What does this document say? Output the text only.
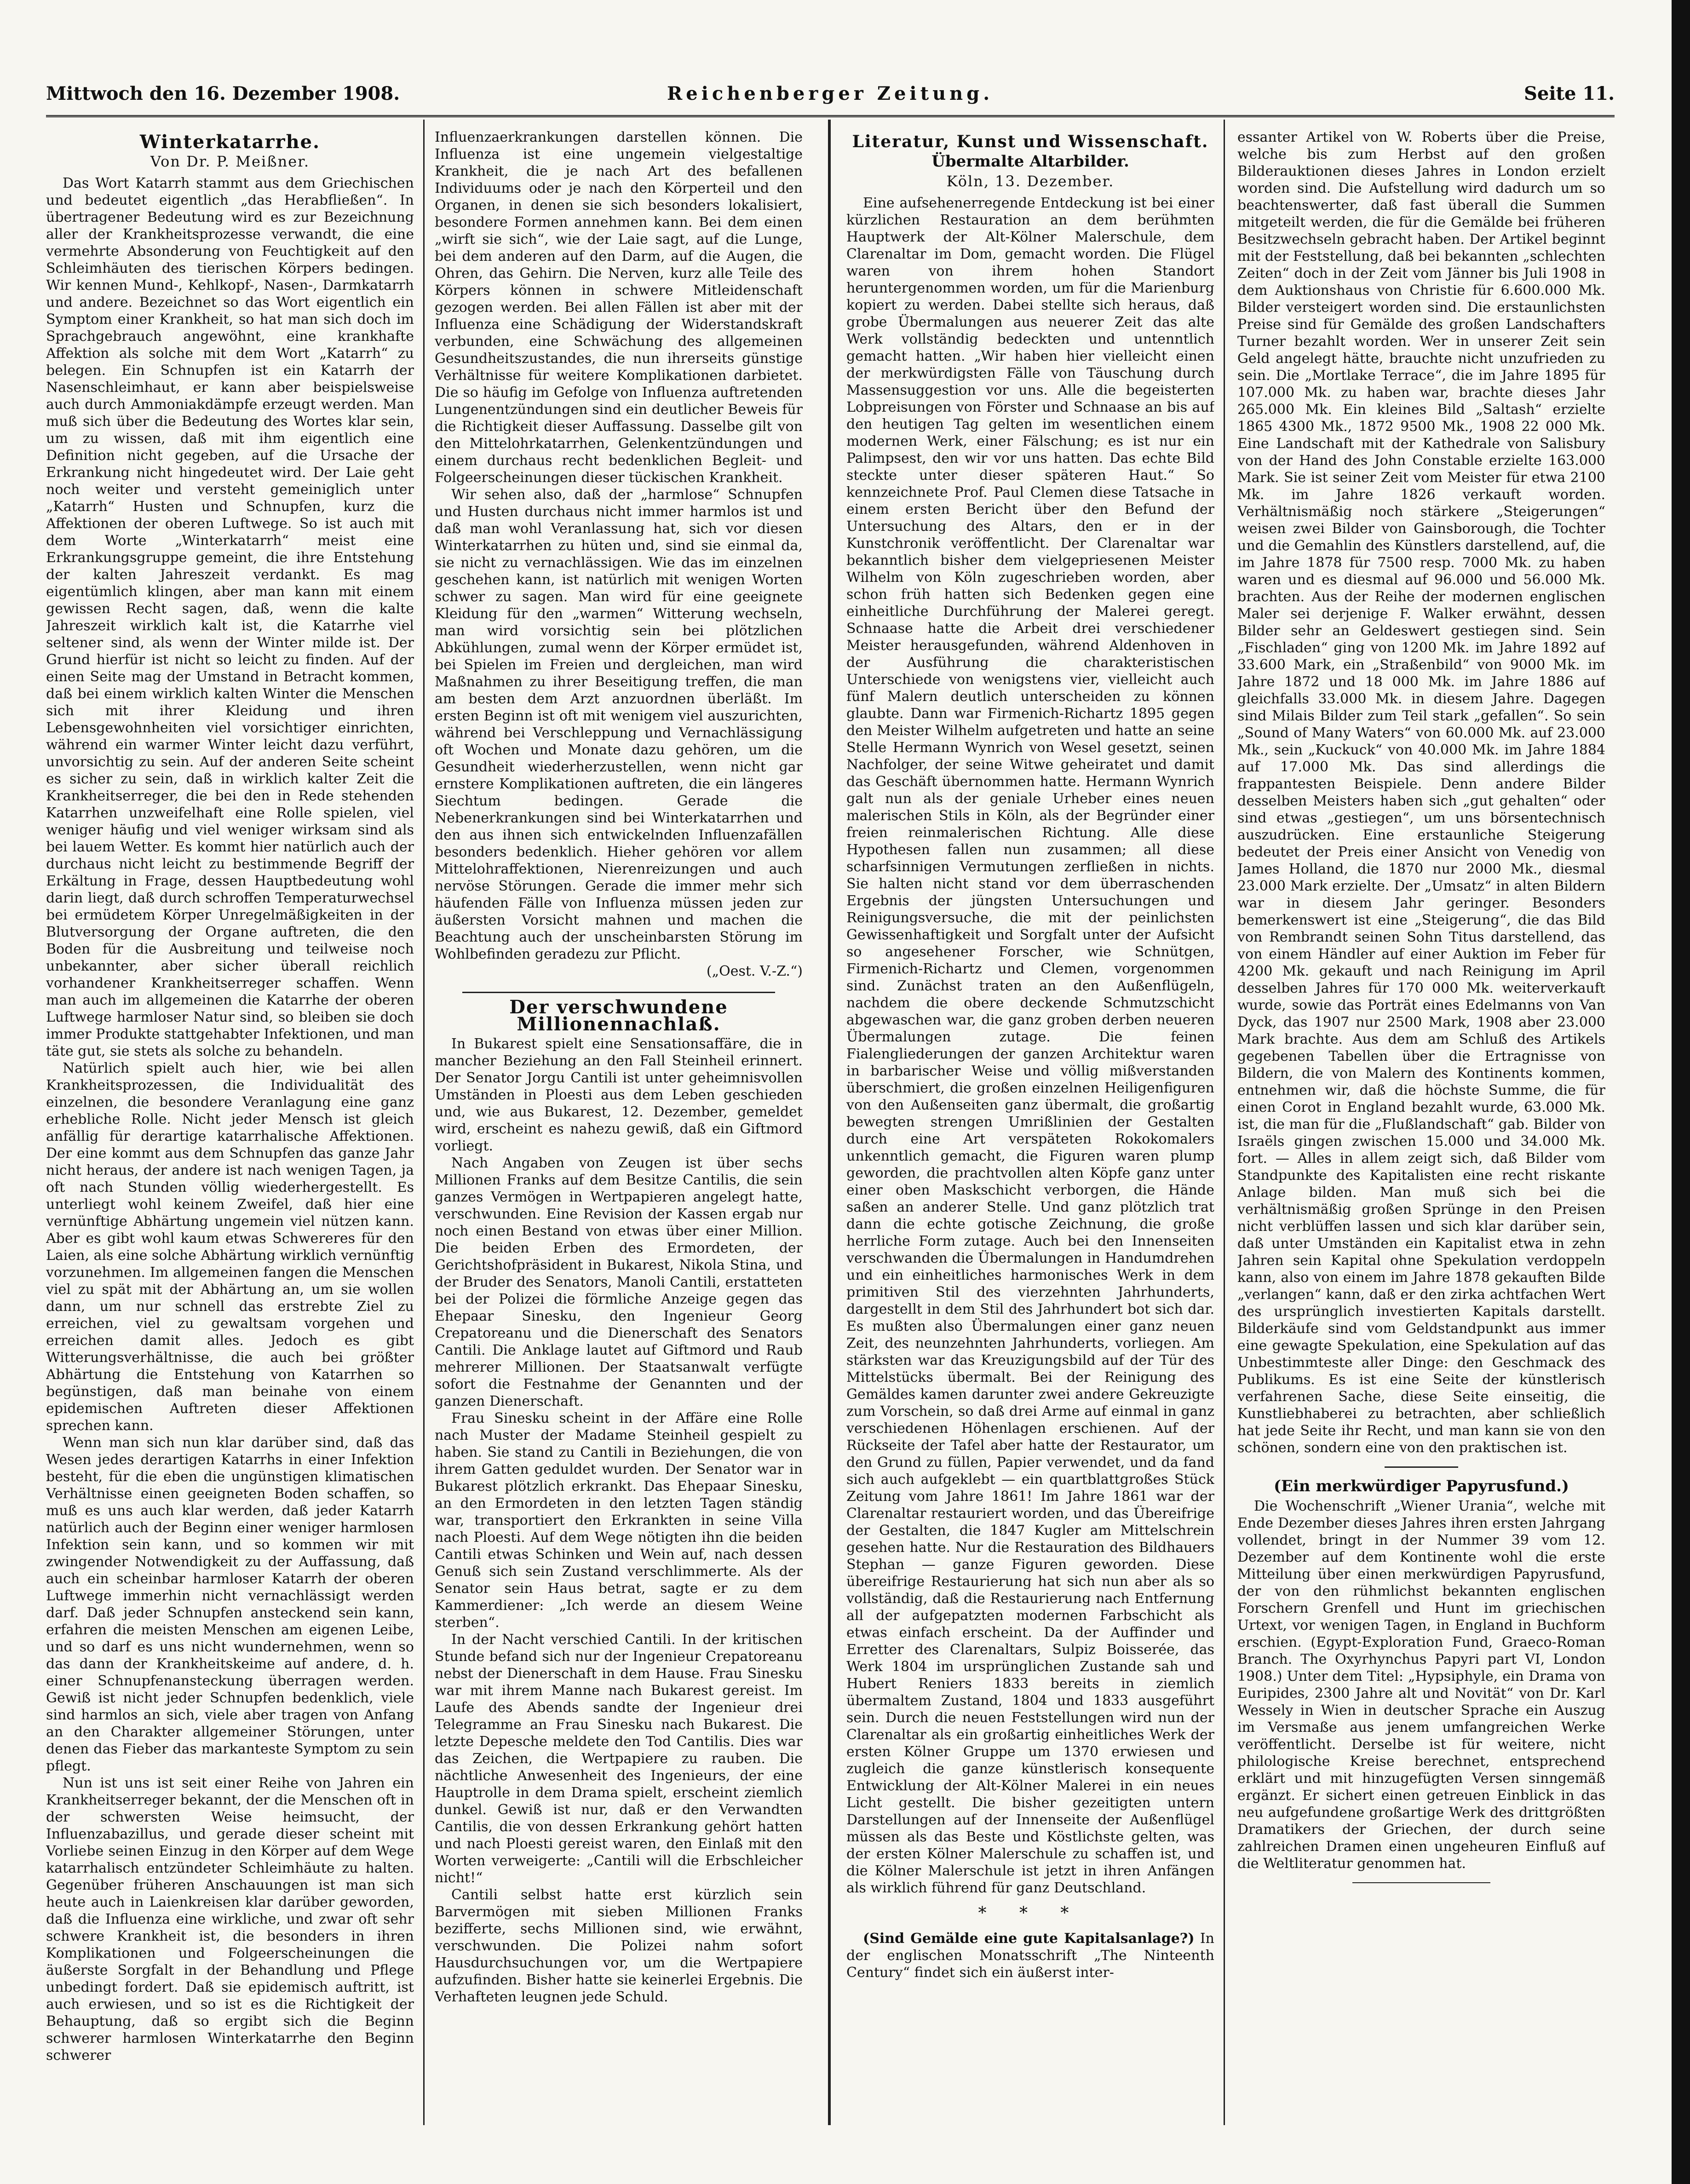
Mittwoch den 16. Dezember 1908.	Reichenberger Zeitung.	Seite 11.
Winterkatarrhe.
Von Dr. P. Meißner.

Das Wort Katarrh stammt aus dem Griechischen und bedeutet eigentlich „das Herabfließen“. In übertragener Bedeutung wird es zur Bezeichnung aller der Krankheitsprozesse verwandt, die eine vermehrte Absonderung von Feuchtigkeit auf den Schleimhäuten des tierischen Körpers bedingen. Wir kennen Mund-, Kehlkopf-, Nasen-, Darmkatarrh und andere. Bezeichnet so das Wort eigentlich ein Symptom einer Krankheit, so hat man sich doch im Sprachgebrauch angewöhnt, eine krankhafte Affektion als solche mit dem Wort „Katarrh“ zu belegen. Ein Schnupfen ist ein Katarrh der Nasenschleimhaut, er kann aber beispielsweise auch durch Ammoniakdämpfe erzeugt werden. Man muß sich über die Bedeutung des Wortes klar sein, um zu wissen, daß mit ihm eigentlich eine Definition nicht gegeben, auf die Ursache der Erkrankung nicht hingedeutet wird. Der Laie geht noch weiter und versteht gemeiniglich unter „Katarrh“ Husten und Schnupfen, kurz die Affektionen der oberen Luftwege. So ist auch mit dem Worte „Winterkatarrh“ meist eine Erkrankungsgruppe gemeint, die ihre Entstehung der kalten Jahreszeit verdankt. Es mag eigentümlich klingen, aber man kann mit einem gewissen Recht sagen, daß, wenn die kalte Jahreszeit wirklich kalt ist, die Katarrhe viel seltener sind, als wenn der Winter milde ist. Der Grund hierfür ist nicht so leicht zu finden. Auf der einen Seite mag der Umstand in Betracht kommen, daß bei einem wirklich kalten Winter die Menschen sich mit ihrer Kleidung und ihren Lebensgewohnheiten viel vorsichtiger einrichten, während ein warmer Winter leicht dazu verführt, unvorsichtig zu sein. Auf der anderen Seite scheint es sicher zu sein, daß in wirklich kalter Zeit die Krankheitserreger, die bei den in Rede stehenden Katarrhen unzweifelhaft eine Rolle spielen, viel weniger häufig und viel weniger wirksam sind als bei lauem Wetter. Es kommt hier natürlich auch der durchaus nicht leicht zu bestimmende Begriff der Erkältung in Frage, dessen Hauptbedeutung wohl darin liegt, daß durch schroffen Temperaturwechsel bei ermüdetem Körper Unregelmäßigkeiten in der Blutversorgung der Organe auftreten, die den Boden für die Ausbreitung und teilweise noch unbekannter, aber sicher überall reichlich vorhandener Krankheitserreger schaffen. Wenn man auch im allgemeinen die Katarrhe der oberen Luftwege harmloser Natur sind, so bleiben sie doch immer Produkte stattgehabter Infektionen, und man täte gut, sie stets als solche zu behandeln.

Natürlich spielt auch hier, wie bei allen Krankheitsprozessen, die Individualität des einzelnen, die besondere Veranlagung eine ganz erhebliche Rolle. Nicht jeder Mensch ist gleich anfällig für derartige katarrhalische Affektionen. Der eine kommt aus dem Schnupfen das ganze Jahr nicht heraus, der andere ist nach wenigen Tagen, ja oft nach Stunden völlig wiederhergestellt. Es unterliegt wohl keinem Zweifel, daß hier eine vernünftige Abhärtung ungemein viel nützen kann. Aber es gibt wohl kaum etwas Schwereres für den Laien, als eine solche Abhärtung wirklich vernünftig vorzunehmen. Im allgemeinen fangen die Menschen viel zu spät mit der Abhärtung an, um sie wollen dann, um nur schnell das erstrebte Ziel zu erreichen, viel zu gewaltsam vorgehen und erreichen damit alles. Jedoch es gibt Witterungsverhältnisse, die auch bei größter Abhärtung die Entstehung von Katarrhen so begünstigen, daß man beinahe von einem epidemischen Auftreten dieser Affektionen sprechen kann.

Wenn man sich nun klar darüber sind, daß das Wesen jedes derartigen Katarrhs in einer Infektion besteht, für die eben die ungünstigen klimatischen Verhältnisse einen geeigneten Boden schaffen, so muß es uns auch klar werden, daß jeder Katarrh natürlich auch der Beginn einer weniger harmlosen Infektion sein kann, und so kommen wir mit zwingender Notwendigkeit zu der Auffassung, daß auch ein scheinbar harmloser Katarrh der oberen Luftwege immerhin nicht vernachlässigt werden darf. Daß jeder Schnupfen ansteckend sein kann, erfahren die meisten Menschen am eigenen Leibe, und so darf es uns nicht wundernehmen, wenn so das dann der Krankheitskeime auf andere, d. h. einer Schnupfenansteckung überragen werden. Gewiß ist nicht jeder Schnupfen bedenklich, viele sind harmlos an sich, viele aber tragen von Anfang an den Charakter allgemeiner Störungen, unter denen das Fieber das markanteste Symptom zu sein pflegt.

Nun ist uns ist seit einer Reihe von Jahren ein Krankheitserreger bekannt, der die Menschen oft in der schwersten Weise heimsucht, der Influenzabazillus, und gerade dieser scheint mit Vorliebe seinen Einzug in den Körper auf dem Wege katarrhalisch entzündeter Schleimhäute zu halten. Gegenüber früheren Anschauungen ist man sich heute auch in Laienkreisen klar darüber geworden, daß die Influenza eine wirkliche, und zwar oft sehr schwere Krankheit ist, die besonders in ihren Komplikationen und Folgeerscheinungen die äußerste Sorgfalt in der Behandlung und Pflege unbedingt fordert. Daß sie epidemisch auftritt, ist auch erwiesen, und so ist es die Richtigkeit der Behauptung, daß so ergibt sich die Beginn schwerer harmlosen Winterkatarrhe den Beginn schwerer

Influenzaerkrankungen darstellen können. Die Influenza ist eine ungemein vielgestaltige Krankheit, die je nach Art des befallenen Individuums oder je nach den Körperteil und den Organen, in denen sie sich besonders lokalisiert, besondere Formen annehmen kann. Bei dem einen „wirft sie sich“, wie der Laie sagt, auf die Lunge, bei dem anderen auf den Darm, auf die Augen, die Ohren, das Gehirn. Die Nerven, kurz alle Teile des Körpers können in schwere Mitleidenschaft gezogen werden. Bei allen Fällen ist aber mit der Influenza eine Schädigung der Widerstandskraft verbunden, eine Schwächung des allgemeinen Gesundheitszustandes, die nun ihrerseits günstige Verhältnisse für weitere Komplikationen darbietet. Die so häufig im Gefolge von Influenza auftretenden Lungenentzündungen sind ein deutlicher Beweis für die Richtigkeit dieser Auffassung. Dasselbe gilt von den Mittelohrkatarrhen, Gelenkentzündungen und einem durchaus recht bedenklichen Begleit- und Folgeerscheinungen dieser tückischen Krankheit.

Wir sehen also, daß der „harmlose“ Schnupfen und Husten durchaus nicht immer harmlos ist und daß man wohl Veranlassung hat, sich vor diesen Winterkatarrhen zu hüten und, sind sie einmal da, sie nicht zu vernachlässigen. Wie das im einzelnen geschehen kann, ist natürlich mit wenigen Worten schwer zu sagen. Man wird für eine geeignete Kleidung für den „warmen“ Witterung wechseln, man wird vorsichtig sein bei plötzlichen Abkühlungen, zumal wenn der Körper ermüdet ist, bei Spielen im Freien und dergleichen, man wird Maßnahmen zu ihrer Beseitigung treffen, die man am besten dem Arzt anzuordnen überläßt. Im ersten Beginn ist oft mit wenigem viel auszurichten, während bei Verschleppung und Vernachlässigung oft Wochen und Monate dazu gehören, um die Gesundheit wiederherzustellen, wenn nicht gar ernstere Komplikationen auftreten, die ein längeres Siechtum bedingen. Gerade die Nebenerkrankungen sind bei Winterkatarrhen und den aus ihnen sich entwickelnden Influenzafällen besonders bedenklich. Hieher gehören vor allem Mittelohraffektionen, Nierenreizungen und auch nervöse Störungen. Gerade die immer mehr sich häufenden Fälle von Influenza müssen jeden zur äußersten Vorsicht mahnen und machen die Beachtung auch der unscheinbarsten Störung im Wohlbefinden geradezu zur Pflicht.

(„Oest. V.-Z.“)
Der verschwundene Millionennachlaß.

In Bukarest spielt eine Sensationsaffäre, die in mancher Beziehung an den Fall Steinheil erinnert. Der Senator Jorgu Cantili ist unter geheimnisvollen Umständen in Ploesti aus dem Leben geschieden und, wie aus Bukarest, 12. Dezember, gemeldet wird, erscheint es nahezu gewiß, daß ein Giftmord vorliegt.

Nach Angaben von Zeugen ist über sechs Millionen Franks auf dem Besitze Cantilis, die sein ganzes Vermögen in Wertpapieren angelegt hatte, verschwunden. Eine Revision der Kassen ergab nur noch einen Bestand von etwas über einer Million. Die beiden Erben des Ermordeten, der Gerichtshofpräsident in Bukarest, Nikola Stina, und der Bruder des Senators, Manoli Cantili, erstatteten bei der Polizei die förmliche Anzeige gegen das Ehepaar Sinesku, den Ingenieur Georg Crepatoreanu und die Dienerschaft des Senators Cantili. Die Anklage lautet auf Giftmord und Raub mehrerer Millionen. Der Staatsanwalt verfügte sofort die Festnahme der Genannten und der ganzen Dienerschaft.

Frau Sinesku scheint in der Affäre eine Rolle nach Muster der Madame Steinheil gespielt zu haben. Sie stand zu Cantili in Beziehungen, die von ihrem Gatten geduldet wurden. Der Senator war in Bukarest plötzlich erkrankt. Das Ehepaar Sinesku, an den Ermordeten in den letzten Tagen ständig war, transportiert den Erkrankten in seine Villa nach Ploesti. Auf dem Wege nötigten ihn die beiden Cantili etwas Schinken und Wein auf, nach dessen Genuß sich sein Zustand verschlimmerte. Als der Senator sein Haus betrat, sagte er zu dem Kammerdiener: „Ich werde an diesem Weine sterben“.

In der Nacht verschied Cantili. In der kritischen Stunde befand sich nur der Ingenieur Crepatoreanu nebst der Dienerschaft in dem Hause. Frau Sinesku war mit ihrem Manne nach Bukarest gereist. Im Laufe des Abends sandte der Ingenieur drei Telegramme an Frau Sinesku nach Bukarest. Die letzte Depesche meldete den Tod Cantilis. Dies war das Zeichen, die Wertpapiere zu rauben. Die nächtliche Anwesenheit des Ingenieurs, der eine Hauptrolle in dem Drama spielt, erscheint ziemlich dunkel. Gewiß ist nur, daß er den Verwandten Cantilis, die von dessen Erkrankung gehört hatten und nach Ploesti gereist waren, den Einlaß mit den Worten verweigerte: „Cantili will die Erbschleicher nicht!“

Cantili selbst hatte erst kürzlich sein Barvermögen mit sieben Millionen Franks bezifferte, sechs Millionen sind, wie erwähnt, verschwunden. Die Polizei nahm sofort Hausdurchsuchungen vor, um die Wertpapiere aufzufinden. Bisher hatte sie keinerlei Ergebnis. Die Verhafteten leugnen jede Schuld.

Literatur, Kunst und Wissenschaft.
Übermalte Altarbilder.
Köln, 13. Dezember.

Eine aufsehenerregende Entdeckung ist bei einer kürzlichen Restauration an dem berühmten Hauptwerk der Alt-Kölner Malerschule, dem Clarenaltar im Dom, gemacht worden. Die Flügel waren von ihrem hohen Standort heruntergenommen worden, um für die Marienburg kopiert zu werden. Dabei stellte sich heraus, daß grobe Übermalungen aus neuerer Zeit das alte Werk vollständig bedeckten und untenntlich gemacht hatten. „Wir haben hier vielleicht einen der merkwürdigsten Fälle von Täuschung durch Massensuggestion vor uns. Alle die begeisterten Lobpreisungen von Förster und Schnaase an bis auf den heutigen Tag gelten im wesentlichen einem modernen Werk, einer Fälschung; es ist nur ein Palimpsest, den wir vor uns hatten. Das echte Bild steckte unter dieser späteren Haut.“ So kennzeichnete Prof. Paul Clemen diese Tatsache in einem ersten Bericht über den Befund der Untersuchung des Altars, den er in der Kunstchronik veröffentlicht. Der Clarenaltar war bekanntlich bisher dem vielgepriesenen Meister Wilhelm von Köln zugeschrieben worden, aber schon früh hatten sich Bedenken gegen eine einheitliche Durchführung der Malerei geregt. Schnaase hatte die Arbeit drei verschiedener Meister herausgefunden, während Aldenhoven in der Ausführung die charakteristischen Unterschiede von wenigstens vier, vielleicht auch fünf Malern deutlich unterscheiden zu können glaubte. Dann war Firmenich-Richartz 1895 gegen den Meister Wilhelm aufgetreten und hatte an seine Stelle Hermann Wynrich von Wesel gesetzt, seinen Nachfolger, der seine Witwe geheiratet und damit das Geschäft übernommen hatte. Hermann Wynrich galt nun als der geniale Urheber eines neuen malerischen Stils in Köln, als der Begründer einer freien reinmalerischen Richtung. Alle diese Hypothesen fallen nun zusammen; all diese scharfsinnigen Vermutungen zerfließen in nichts. Sie halten nicht stand vor dem überraschenden Ergebnis der jüngsten Untersuchungen und Reinigungsversuche, die mit der peinlichsten Gewissenhaftigkeit und Sorgfalt unter der Aufsicht so angesehener Forscher, wie Schnütgen, Firmenich-Richartz und Clemen, vorgenommen sind. Zunächst traten an den Außenflügeln, nachdem die obere deckende Schmutzschicht abgewaschen war, die ganz groben derben neueren Übermalungen zutage. Die feinen Fialengliederungen der ganzen Architektur waren in barbarischer Weise und völlig mißverstanden überschmiert, die großen einzelnen Heiligenfiguren von den Außenseiten ganz übermalt, die großartig bewegten strengen Umrißlinien der Gestalten durch eine Art verspäteten Rokokomalers unkenntlich gemacht, die Figuren waren plump geworden, die prachtvollen alten Köpfe ganz unter einer oben Maskschicht verborgen, die Hände saßen an anderer Stelle. Und ganz plötzlich trat dann die echte gotische Zeichnung, die große herrliche Form zutage. Auch bei den Innenseiten verschwanden die Übermalungen in Handumdrehen und ein einheitliches harmonisches Werk in dem primitiven Stil des vierzehnten Jahrhunderts, dargestellt in dem Stil des Jahrhundert bot sich dar. Es mußten also Übermalungen einer ganz neuen Zeit, des neunzehnten Jahrhunderts, vorliegen. Am stärksten war das Kreuzigungsbild auf der Tür des Mittelstücks übermalt. Bei der Reinigung des Gemäldes kamen darunter zwei andere Gekreuzigte zum Vorschein, so daß drei Arme auf einmal in ganz verschiedenen Höhenlagen erschienen. Auf der Rückseite der Tafel aber hatte der Restaurator, um den Grund zu füllen, Papier verwendet, und da fand sich auch aufgeklebt — ein quartblattgroßes Stück Zeitung vom Jahre 1861! Im Jahre 1861 war der Clarenaltar restauriert worden, und das Übereifrige der Gestalten, die 1847 Kugler am Mittelschrein gesehen hatte. Nur die Restauration des Bildhauers Stephan — ganze Figuren geworden. Diese übereifrige Restaurierung hat sich nun aber als so vollständig, daß die Restaurierung nach Entfernung all der aufgepatzten modernen Farbschicht als etwas einfach erscheint. Da der Auffinder und Erretter des Clarenaltars, Sulpiz Boisserée, das Werk 1804 im ursprünglichen Zustande sah und Hubert Reniers 1833 bereits in ziemlich übermaltem Zustand, 1804 und 1833 ausgeführt sein. Durch die neuen Feststellungen wird nun der Clarenaltar als ein großartig einheitliches Werk der ersten Kölner Gruppe um 1370 erwiesen und zugleich die ganze künstlerisch konsequente Entwicklung der Alt-Kölner Malerei in ein neues Licht gestellt. Die bisher gezeitigten untern Darstellungen auf der Innenseite der Außenflügel müssen als das Beste und Köstlichste gelten, was der ersten Kölner Malerschule zu schaffen ist, und die Kölner Malerschule ist jetzt in ihren Anfängen als wirklich führend für ganz Deutschland.

* * *

(Sind Gemälde eine gute Kapitalsanlage?) In der englischen Monatsschrift „The Ninteenth Century“ findet sich ein äußerst inter-

essanter Artikel von W. Roberts über die Preise, welche bis zum Herbst auf den großen Bilderauktionen dieses Jahres in London erzielt worden sind. Die Aufstellung wird dadurch um so beachtenswerter, daß fast überall die Summen mitgeteilt werden, die für die Gemälde bei früheren Besitzwechseln gebracht haben. Der Artikel beginnt mit der Feststellung, daß bei bekannten „schlechten Zeiten“ doch in der Zeit vom Jänner bis Juli 1908 in dem Auktionshaus von Christie für 6.600.000 Mk. Bilder versteigert worden sind. Die erstaunlichsten Preise sind für Gemälde des großen Landschafters Turner bezahlt worden. Wer in unserer Zeit sein Geld angelegt hätte, brauchte nicht unzufrieden zu sein. Die „Mortlake Terrace“, die im Jahre 1895 für 107.000 Mk. zu haben war, brachte dieses Jahr 265.000 Mk. Ein kleines Bild „Saltash“ erzielte 1865 4300 Mk., 1872 9500 Mk., 1908 22 000 Mk. Eine Landschaft mit der Kathedrale von Salisbury von der Hand des John Constable erzielte 163.000 Mark. Sie ist seiner Zeit vom Meister für etwa 2100 Mk. im Jahre 1826 verkauft worden. Verhältnismäßig noch stärkere „Steigerungen“ weisen zwei Bilder von Gainsborough, die Tochter und die Gemahlin des Künstlers darstellend, auf, die im Jahre 1878 für 7500 resp. 7000 Mk. zu haben waren und es diesmal auf 96.000 und 56.000 Mk. brachten. Aus der Reihe der modernen englischen Maler sei derjenige F. Walker erwähnt, dessen Bilder sehr an Geldeswert gestiegen sind. Sein „Fischladen“ ging von 1200 Mk. im Jahre 1892 auf 33.600 Mark, ein „Straßenbild“ von 9000 Mk. im Jahre 1872 und 18 000 Mk. im Jahre 1886 auf gleichfalls 33.000 Mk. in diesem Jahre. Dagegen sind Milais Bilder zum Teil stark „gefallen“. So sein „Sound of Many Waters“ von 60.000 Mk. auf 23.000 Mk., sein „Kuckuck“ von 40.000 Mk. im Jahre 1884 auf 17.000 Mk. Das sind allerdings die frappantesten Beispiele. Denn andere Bilder desselben Meisters haben sich „gut gehalten“ oder sind etwas „gestiegen“, um uns börsentechnisch auszudrücken. Eine erstaunliche Steigerung bedeutet der Preis einer Ansicht von Venedig von James Holland, die 1870 nur 2000 Mk., diesmal 23.000 Mark erzielte. Der „Umsatz“ in alten Bildern war in diesem Jahr geringer. Besonders bemerkenswert ist eine „Steigerung“, die das Bild von Rembrandt seinen Sohn Titus darstellend, das von einem Händler auf einer Auktion im Feber für 4200 Mk. gekauft und nach Reinigung im April desselben Jahres für 170 000 Mk. weiterverkauft wurde, sowie das Porträt eines Edelmanns von Van Dyck, das 1907 nur 2500 Mark, 1908 aber 23.000 Mark brachte. Aus dem am Schluß des Artikels gegebenen Tabellen über die Ertragnisse von Bildern, die von Malern des Kontinents kommen, entnehmen wir, daß die höchste Summe, die für einen Corot in England bezahlt wurde, 63.000 Mk. ist, die man für die „Flußlandschaft“ gab. Bilder von Israëls gingen zwischen 15.000 und 34.000 Mk. fort. — Alles in allem zeigt sich, daß Bilder vom Standpunkte des Kapitalisten eine recht riskante Anlage bilden. Man muß sich bei die verhältnismäßig großen Sprünge in den Preisen nicht verblüffen lassen und sich klar darüber sein, daß unter Umständen ein Kapitalist etwa in zehn Jahren sein Kapital ohne Spekulation verdoppeln kann, also von einem im Jahre 1878 gekauften Bilde „verlangen“ kann, daß er den zirka achtfachen Wert des ursprünglich investierten Kapitals darstellt. Bilderkäufe sind vom Geldstandpunkt aus immer eine gewagte Spekulation, eine Spekulation auf das Unbestimmteste aller Dinge: den Geschmack des Publikums. Es ist eine Seite der künstlerisch verfahrenen Sache, diese Seite einseitig, die Kunstliebhaberei zu betrachten, aber schließlich hat jede Seite ihr Recht, und man kann sie von den schönen, sondern eine von den praktischen ist.

(Ein merkwürdiger Papyrusfund.)

Die Wochenschrift „Wiener Urania“, welche mit Ende Dezember dieses Jahres ihren ersten Jahrgang vollendet, bringt in der Nummer 39 vom 12. Dezember auf dem Kontinente wohl die erste Mitteilung über einen merkwürdigen Papyrusfund, der von den rühmlichst bekannten englischen Forschern Grenfell und Hunt im griechischen Urtext, vor wenigen Tagen, in England in Buchform erschien. (Egypt-Exploration Fund, Graeco-Roman Branch. The Oxyrhynchus Papyri part VI, London 1908.) Unter dem Titel: „Hypsiphyle, ein Drama von Euripides, 2300 Jahre alt und Novität“ von Dr. Karl Wessely in Wien in deutscher Sprache ein Auszug im Versmaße aus jenem umfangreichen Werke veröffentlicht. Derselbe ist für weitere, nicht philologische Kreise berechnet, entsprechend erklärt und mit hinzugefügten Versen sinngemäß ergänzt. Er sichert einen getreuen Einblick in das neu aufgefundene großartige Werk des drittgrößten Dramatikers der Griechen, der durch seine zahlreichen Dramen einen ungeheuren Einfluß auf die Weltliteratur genommen hat.
